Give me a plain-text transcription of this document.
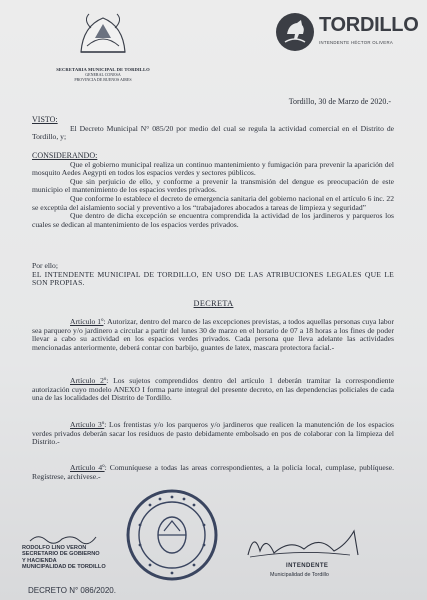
SECRETARIA MUNICIPAL DE TORDILLO
GENERAL CONESA
PROVINCIA DE BUENOS AIRES
TORDILLO
INTENDENTE HÉCTOR OLIVERA
Tordillo, 30 de Marzo de 2020.-

VISTO:

El Decreto Municipal N° 085/20 por medio del cual se regula la actividad comercial en el Distrito de Tordillo, y;

CONSIDERANDO:

Que el gobierno municipal realiza un continuo mantenimiento y fumigación para prevenir la aparición del mosquito Aedes Aegypti en todos los espacios verdes y sectores públicos.

Que sin perjuicio de ello, y conforme a prevenir la transmisión del dengue es preocupación de este municipio el mantenimiento de los espacios verdes privados.

Que conforme lo establece el decreto de emergencia sanitaria del gobierno nacional en el artículo 6 inc. 22 se exceptúa del aislamiento social y preventivo a los “trabajadores abocados a tareas de limpieza y seguridad”

Que dentro de dicha excepción se encuentra comprendida la actividad de los jardineros y parqueros los cuales se dedican al mantenimiento de los espacios verdes privados.

Por ello;

EL INTENDENTE MUNICIPAL DE TORDILLO, EN USO DE LAS ATRIBUCIONES LEGALES QUE LE SON PROPIAS.

DECRETA

Artículo 1º: Autorizar, dentro del marco de las excepciones previstas, a todos aquellas personas cuya labor sea parquero y/o jardinero a circular a partir del lunes 30 de marzo en el horario de 07 a 18 horas a los fines de poder llevar a cabo su actividad en los espacios verdes privados. Cada persona que lleva adelante las actividades mencionadas anteriormente, deberá contar con barbijo, guantes de latex, mascara protectora facial.-

Artículo 2º: Los sujetos comprendidos dentro del artículo 1 deberán tramitar la correspondiente autorización cuyo modelo ANEXO I forma parte integral del presente decreto, en las dependencias policiales de cada una de las localidades del Distrito de Tordillo.

Artículo 3º: Los frentistas y/o los parqueros y/o jardineros que realicen la manutención de los espacios verdes privados deberán sacar los residuos de pasto debidamente embolsado en pos de colaborar con la limpieza del Distrito.-

Artículo 4º: Comuníquese a todas las areas correspondientes, a la policía local, cumplase, publíquese. Regístrese, archívese.-

RODOLFO LINO VERON
SECRETARIO DE GOBIERNO
Y HACIENDA
MUNICIPALIDAD DE TORDILLO	INTENDENTE
Municipalidad de Tordillo
DECRETO N° 086/2020.
